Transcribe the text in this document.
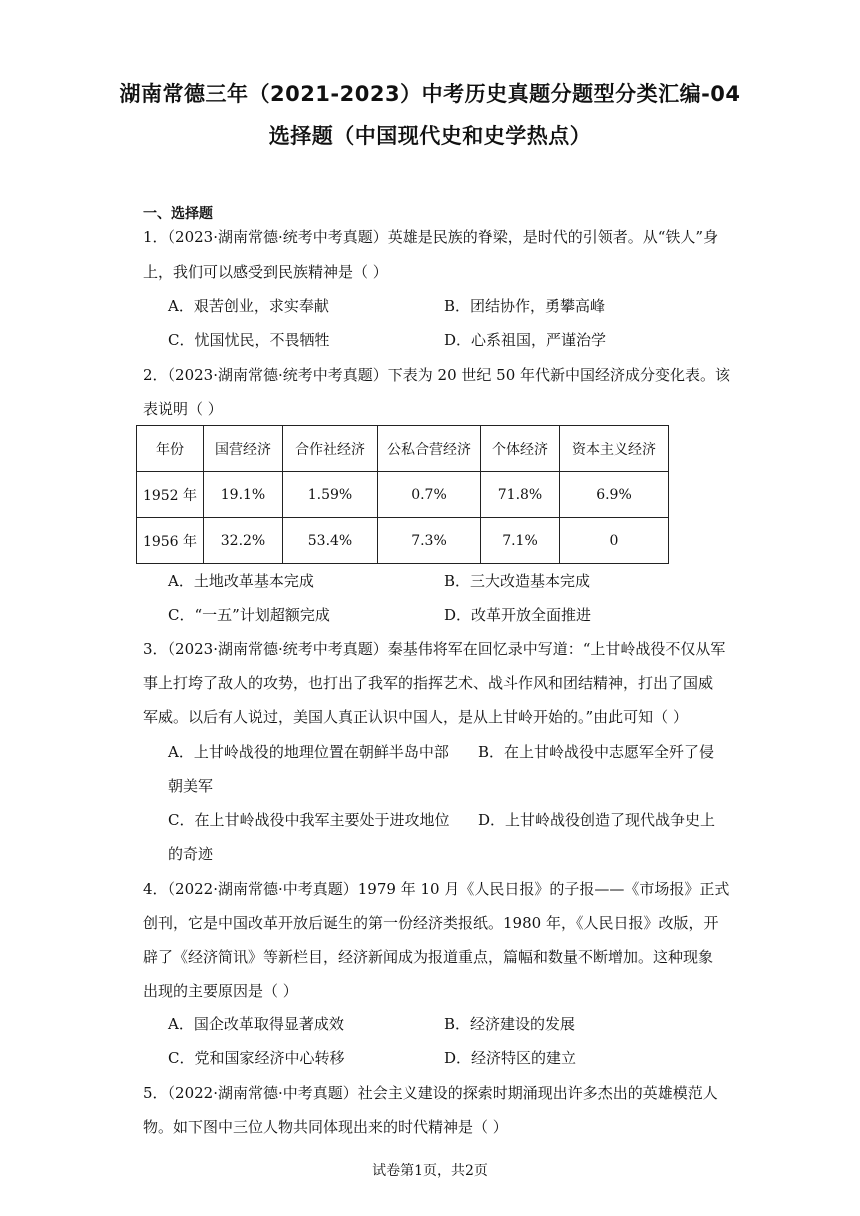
湖南常德三年（2021-2023）中考历史真题分题型分类汇编-04
选择题（中国现代史和史学热点）
一、选择题
1．（2023·湖南常德·统考中考真题）英雄是民族的脊梁，是时代的引领者。从“铁人”身
上，我们可以感受到民族精神是（ ）
A．艰苦创业，求实奉献	B．团结协作，勇攀高峰
C．忧国忧民，不畏牺牲	D．心系祖国，严谨治学
2．（2023·湖南常德·统考中考真题）下表为 20 世纪 50 年代新中国经济成分变化表。该
表说明（ ）
年份	国营经济	合作社经济	公私合营经济	个体经济	资本主义经济
1952 年	19.1%	1.59%	0.7%	71.8%	6.9%
1956 年	32.2%	53.4%	7.3%	7.1%	0
A．土地改革基本完成	B．三大改造基本完成
C．“一五”计划超额完成	D．改革开放全面推进
3．（2023·湖南常德·统考中考真题）秦基伟将军在回忆录中写道：“上甘岭战役不仅从军
事上打垮了敌人的攻势，也打出了我军的指挥艺术、战斗作风和团结精神，打出了国威
军威。以后有人说过，美国人真正认识中国人，是从上甘岭开始的。”由此可知（ ）
A．上甘岭战役的地理位置在朝鲜半岛中部 B．在上甘岭战役中志愿军全歼了侵
朝美军
C．在上甘岭战役中我军主要处于进攻地位 D．上甘岭战役创造了现代战争史上
的奇迹
4．（2022·湖南常德·中考真题）1979 年 10 月《人民日报》的子报——《市场报》正式
创刊，它是中国改革开放后诞生的第一份经济类报纸。1980 年，《人民日报》改版，开
辟了《经济简讯》等新栏目，经济新闻成为报道重点，篇幅和数量不断增加。这种现象
出现的主要原因是（ ）
A．国企改革取得显著成效	B．经济建设的发展
C．党和国家经济中心转移	D．经济特区的建立
5．（2022·湖南常德·中考真题）社会主义建设的探索时期涌现出许多杰出的英雄模范人
物。如下图中三位人物共同体现出来的时代精神是（ ）
试卷第1页，共2页
